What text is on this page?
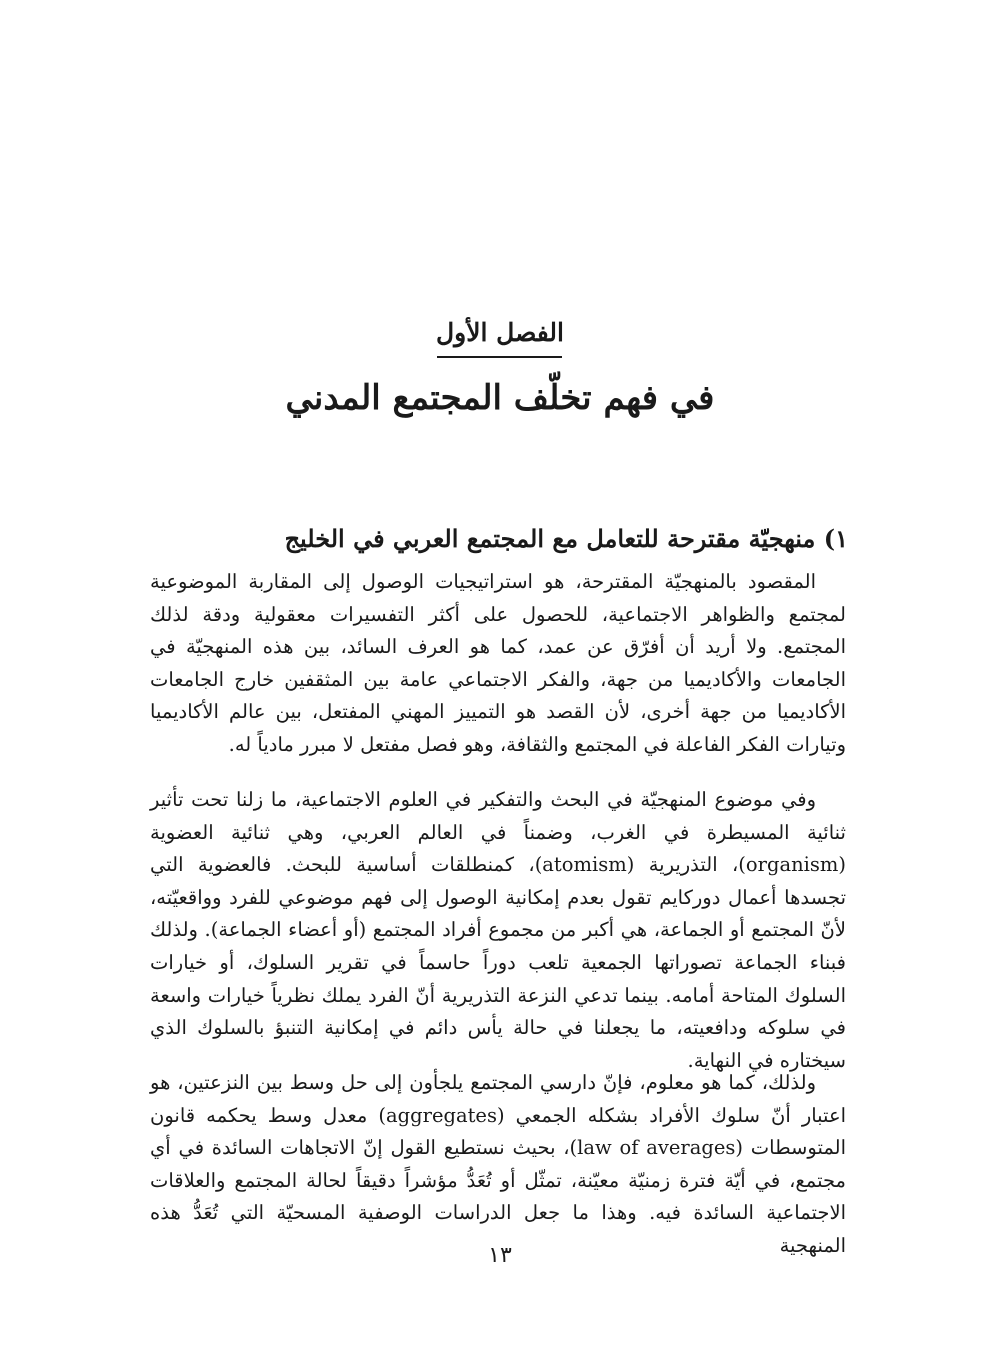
الفصل الأول
في فهم تخلّف المجتمع المدني
١) منهجيّة مقترحة للتعامل مع المجتمع العربي في الخليج

المقصود بالمنهجيّة المقترحة، هو استراتيجيات الوصول إلى المقاربة الموضوعية لمجتمع والظواهر الاجتماعية، للحصول على أكثر التفسيرات معقولية ودقة لذلك المجتمع. ولا أريد أن أفرّق عن عمد، كما هو العرف السائد، بين هذه المنهجيّة في الجامعات والأكاديميا من جهة، والفكر الاجتماعي عامة بين المثقفين خارج الجامعات الأكاديميا من جهة أخرى، لأن القصد هو التمييز المهني المفتعل، بين عالم الأكاديميا وتيارات الفكر الفاعلة في المجتمع والثقافة، وهو فصل مفتعل لا مبرر مادياً له.

وفي موضوع المنهجيّة في البحث والتفكير في العلوم الاجتماعية، ما زلنا تحت تأثير ثنائية المسيطرة في الغرب، وضمناً في العالم العربي، وهي ثنائية العضوية (organism)، التذريرية (atomism)، كمنطلقات أساسية للبحث. فالعضوية التي تجسدها أعمال دوركايم تقول بعدم إمكانية الوصول إلى فهم موضوعي للفرد وواقعيّته، لأنّ المجتمع أو الجماعة، هي أكبر من مجموع أفراد المجتمع (أو أعضاء الجماعة). ولذلك فبناء الجماعة تصوراتها الجمعية تلعب دوراً حاسماً في تقرير السلوك، أو خيارات السلوك المتاحة أمامه. بينما تدعي النزعة التذريرية أنّ الفرد يملك نظرياً خيارات واسعة في سلوكه ودافعيته، ما يجعلنا في حالة يأس دائم في إمكانية التنبؤ بالسلوك الذي سيختاره في النهاية.

ولذلك، كما هو معلوم، فإنّ دارسي المجتمع يلجأون إلى حل وسط بين النزعتين، هو اعتبار أنّ سلوك الأفراد بشكله الجمعي (aggregates) معدل وسط يحكمه قانون المتوسطات (law of averages)، بحيث نستطيع القول إنّ الاتجاهات السائدة في أي مجتمع، في أيّة فترة زمنيّة معيّنة، تمثّل أو تُعَدُّ مؤشراً دقيقاً لحالة المجتمع والعلاقات الاجتماعية السائدة فيه. وهذا ما جعل الدراسات الوصفية المسحيّة التي تُعَدُّ هذه المنهجية

١٣
